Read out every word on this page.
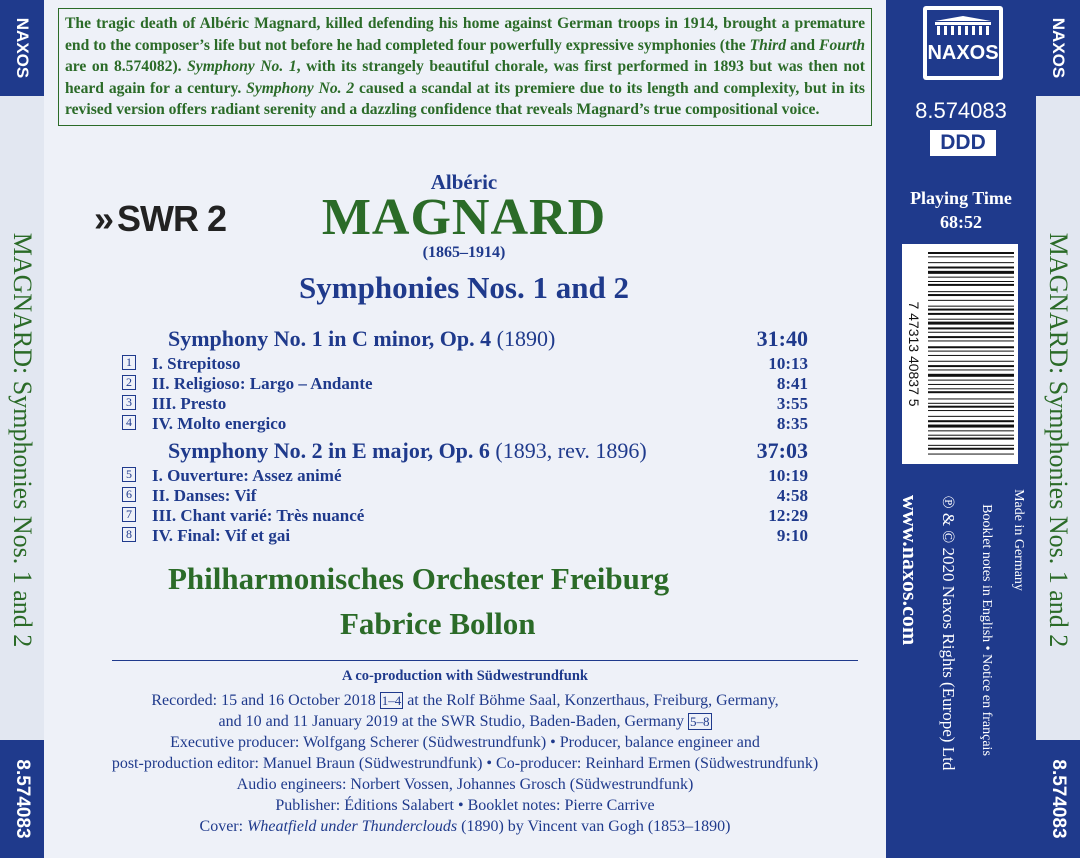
NAXOS
MAGNARD: Symphonies Nos. 1 and 2
8.574083
The tragic death of Albéric Magnard, killed defending his home against German troops in 1914, brought a premature end to the composer’s life but not before he had completed four powerfully expressive symphonies (the Third and Fourth are on 8.574082). Symphony No. 1, with its strangely beautiful chorale, was first performed in 1893 but was then not heard again for a century. Symphony No. 2 caused a scandal at its premiere due to its length and complexity, but in its revised version offers radiant serenity and a dazzling confidence that reveals Magnard’s true compositional voice.
» SWR 2
Albéric
MAGNARD
(1865–1914)
Symphonies Nos. 1 and 2
Symphony No. 1 in C minor, Op. 4 (1890)	31:40
1 I. Strepitoso	10:13
2 II. Religioso: Largo – Andante	8:41
3 III. Presto	3:55
4 IV. Molto energico	8:35
Symphony No. 2 in E major, Op. 6 (1893, rev. 1896)	37:03
5 I. Ouverture: Assez animé	10:19
6 II. Danses: Vif	4:58
7 III. Chant varié: Très nuancé	12:29
8 IV. Final: Vif et gai	9:10
Philharmonisches Orchester Freiburg
Fabrice Bollon
A co-production with Südwestrundfunk
Recorded: 15 and 16 October 2018 1–4 at the Rolf Böhme Saal, Konzerthaus, Freiburg, Germany,
and 10 and 11 January 2019 at the SWR Studio, Baden-Baden, Germany 5–8
Executive producer: Wolfgang Scherer (Südwestrundfunk) • Producer, balance engineer and
post-production editor: Manuel Braun (Südwestrundfunk) • Co-producer: Reinhard Ermen (Südwestrundfunk)
Audio engineers: Norbert Vossen, Johannes Grosch (Südwestrundfunk)
Publisher: Éditions Salabert • Booklet notes: Pierre Carrive
Cover: Wheatfield under Thunderclouds (1890) by Vincent van Gogh (1853–1890)
NAXOS
8.574083
DDD
Playing Time
68:52
7 47313 40837 5
www.naxos.com ℗ & © 2020 Naxos Rights (Europe) Ltd Booklet notes in English • Notice en français Made in Germany
NAXOS
MAGNARD: Symphonies Nos. 1 and 2
8.574083
